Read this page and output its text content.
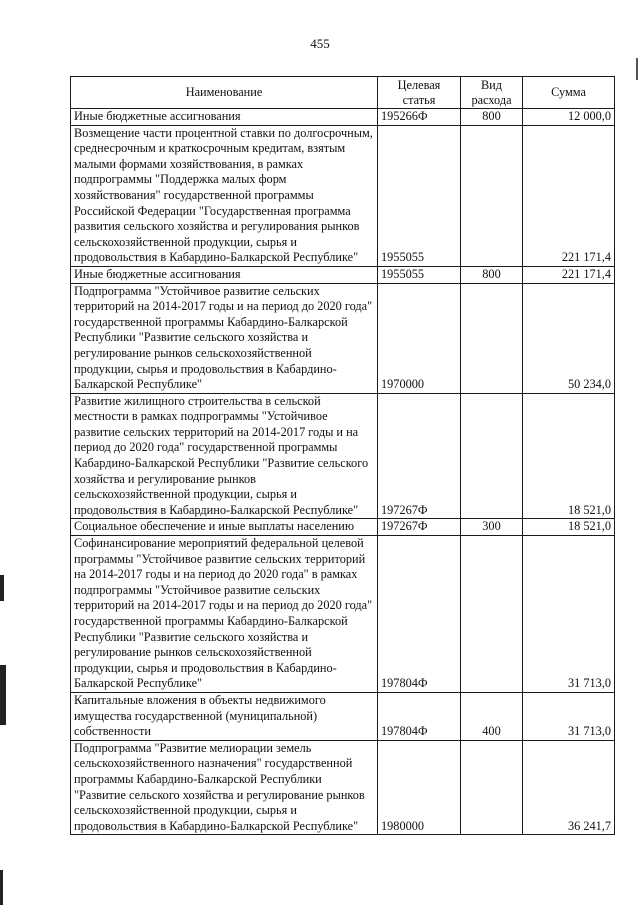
455
Наименование	Целевая статья	Вид расхода	Сумма
Иные бюджетные ассигнования	195266Ф	800	12 000,0
Возмещение части процентной ставки по долгосрочным, среднесрочным и краткосрочным кредитам, взятым малыми формами хозяйствования, в рамках подпрограммы "Поддержка малых форм хозяйствования" государственной программы Российской Федерации "Государственная программа развития сельского хозяйства и регулирования рынков сельскохозяйственной продукции, сырья и продовольствия в Кабардино-Балкарской Республике"	1955055		221 171,4
Иные бюджетные ассигнования	1955055	800	221 171,4
Подпрограмма "Устойчивое развитие сельских территорий на 2014-2017 годы и на период до 2020 года" государственной программы Кабардино-Балкарской Республики "Развитие сельского хозяйства и регулирование рынков сельскохозяйственной продукции, сырья и продовольствия в Кабардино-Балкарской Республике"	1970000		50 234,0
Развитие жилищного строительства в сельской местности в рамках подпрограммы "Устойчивое развитие сельских территорий на 2014-2017 годы и на период до 2020 года" государственной программы Кабардино-Балкарской Республики "Развитие сельского хозяйства и регулирование рынков сельскохозяйственной продукции, сырья и продовольствия в Кабардино-Балкарской Республике"	197267Ф		18 521,0
Социальное обеспечение и иные выплаты населению	197267Ф	300	18 521,0
Софинансирование мероприятий федеральной целевой программы "Устойчивое развитие сельских территорий на 2014-2017 годы и на период до 2020 года" в рамках подпрограммы "Устойчивое развитие сельских территорий на 2014-2017 годы и на период до 2020 года" государственной программы Кабардино-Балкарской Республики "Развитие сельского хозяйства и регулирование рынков сельскохозяйственной продукции, сырья и продовольствия в Кабардино-Балкарской Республике"	197804Ф		31 713,0
Капитальные вложения в объекты недвижимого имущества государственной (муниципальной) собственности	197804Ф	400	31 713,0
Подпрограмма "Развитие мелиорации земель сельскохозяйственного назначения" государственной программы Кабардино-Балкарской Республики "Развитие сельского хозяйства и регулирование рынков сельскохозяйственной продукции, сырья и продовольствия в Кабардино-Балкарской Республике"	1980000		36 241,7
